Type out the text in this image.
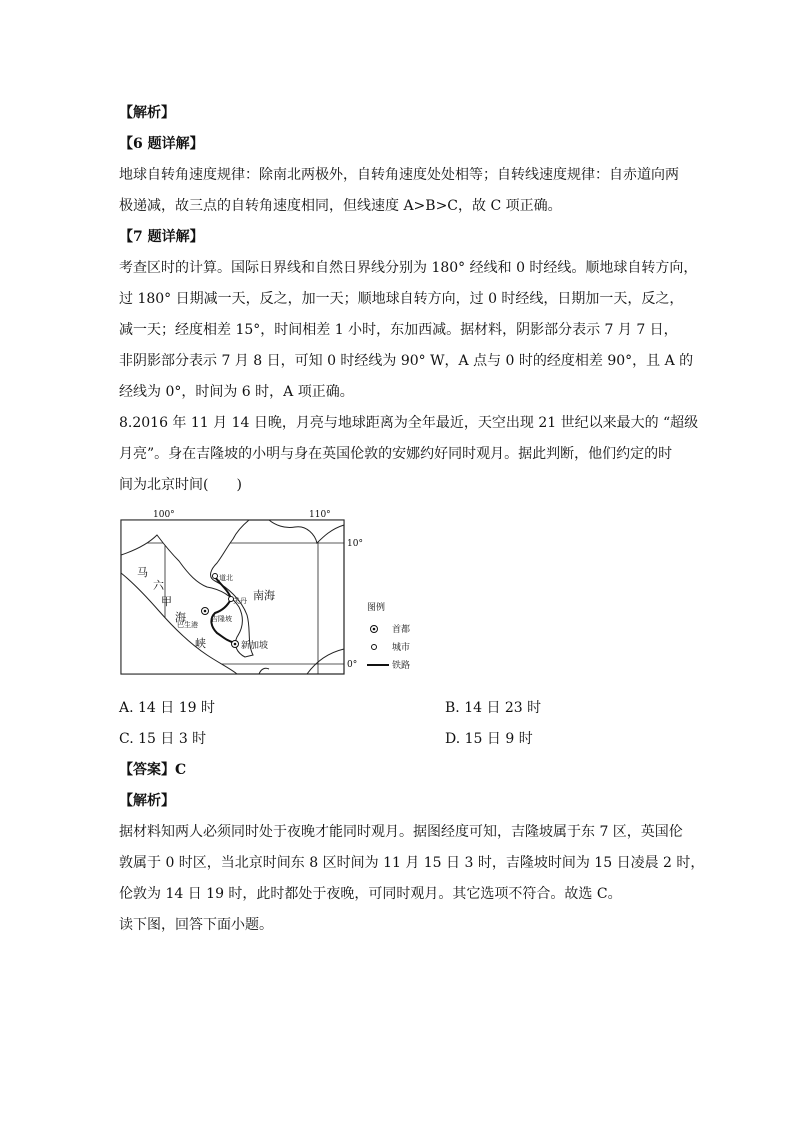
【解析】
【6 题详解】
地球自转角速度规律：除南北两极外，自转角速度处处相等；自转线速度规律：自赤道向两
极递减，故三点的自转角速度相同，但线速度 A>B>C，故 C 项正确。
【7 题详解】
考查区时的计算。国际日界线和自然日界线分别为 180° 经线和 0 时经线。顺地球自转方向，
过 180° 日期减一天，反之，加一天；顺地球自转方向，过 0 时经线，日期加一天，反之，
减一天；经度相差 15°，时间相差 1 小时，东加西减。据材料，阴影部分表示 7 月 7 日，
非阴影部分表示 7 月 8 日，可知 0 时经线为 90° W，A 点与 0 时的经度相差 90°，且 A 的
经线为 0°，时间为 6 时，A 项正确。
8.2016 年 11 月 14 日晚，月亮与地球距离为全年最近，天空出现 21 世纪以来最大的 “超级
月亮”。身在吉隆坡的小明与身在英国伦敦的安娜约好同时观月。据此判断，他们约定的时
间为北京时间(　　)
100°	110°
10°
0°
马
六
甲
海
峡
南海
道北
关丹
吉隆坡
巴生港
新加坡
图例
首都
城市
铁路
A. 14 日 19 时	B. 14 日 23 时
C. 15 日 3 时	D. 15 日 9 时
【答案】C
【解析】
据材料知两人必须同时处于夜晚才能同时观月。据图经度可知，吉隆坡属于东 7 区，英国伦
敦属于 0 时区，当北京时间东 8 区时间为 11 月 15 日 3 时，吉隆坡时间为 15 日凌晨 2 时，
伦敦为 14 日 19 时，此时都处于夜晚，可同时观月。其它选项不符合。故选 C。
读下图，回答下面小题。
